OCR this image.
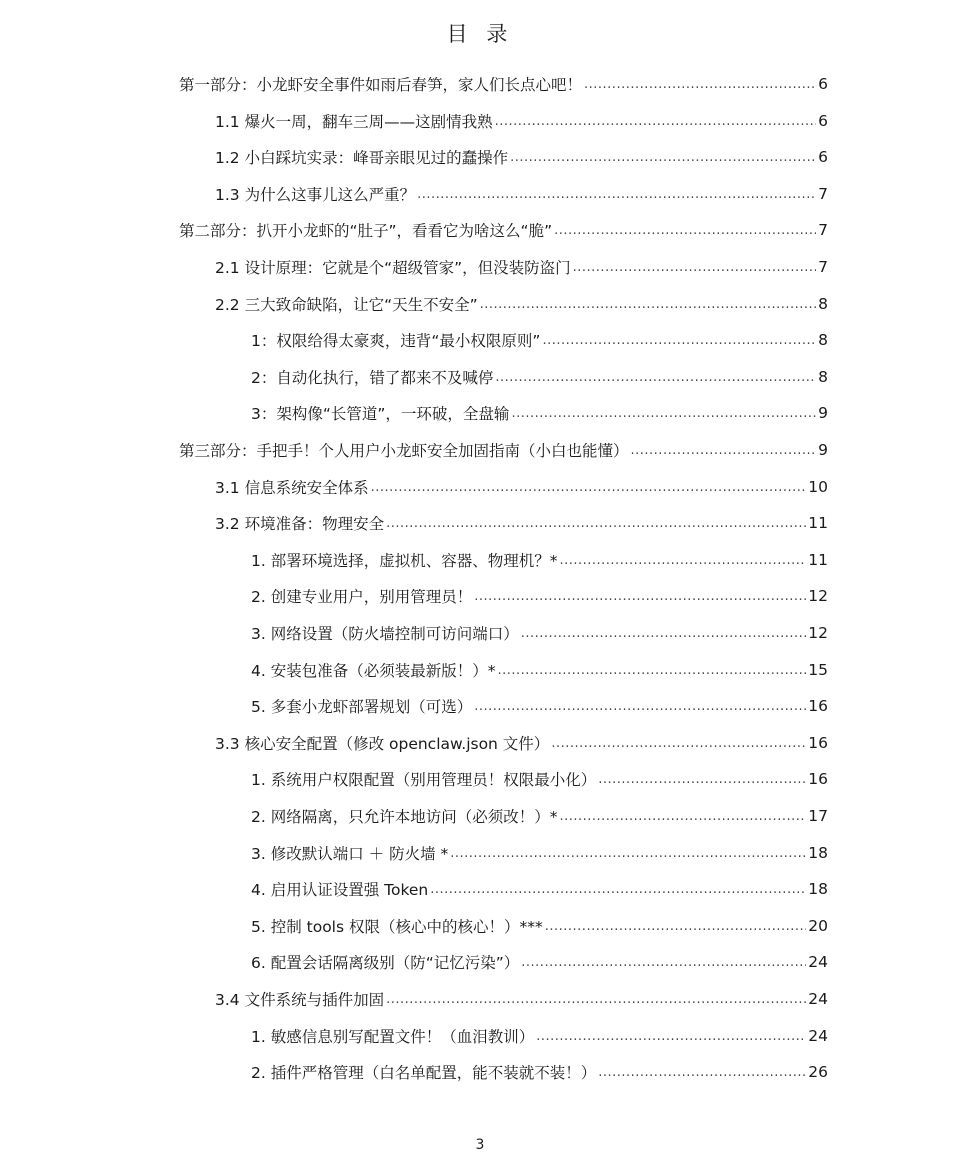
目 录
第一部分：小龙虾安全事件如雨后春笋，家人们长点心吧！ .....	6
1.1 爆火一周，翻车三周——这剧情我熟 .....	6
1.2 小白踩坑实录：峰哥亲眼见过的蠢操作 .....	6
1.3 为什么这事儿这么严重？ .....	7
第二部分：扒开小龙虾的“肚子”，看看它为啥这么“脆” .....	7
2.1 设计原理：它就是个“超级管家”，但没装防盗门 .....	7
2.2 三大致命缺陷，让它“天生不安全” .....	8
1：权限给得太豪爽，违背“最小权限原则” .....	8
2：自动化执行，错了都来不及喊停 .....	8
3：架构像“长管道”，一环破，全盘输 .....	9
第三部分：手把手！个人用户小龙虾安全加固指南（小白也能懂） .....	9
3.1 信息系统安全体系 .....	10
3.2 环境准备：物理安全 .....	11
1. 部署环境选择，虚拟机、容器、物理机？* .....	11
2. 创建专业用户，别用管理员！ .....	12
3. 网络设置（防火墙控制可访问端口） .....	12
4. 安装包准备（必须装最新版！）* .....	15
5. 多套小龙虾部署规划（可选） .....	16
3.3 核心安全配置（修改 openclaw.json 文件） .....	16
1. 系统用户权限配置（别用管理员！权限最小化） .....	16
2. 网络隔离，只允许本地访问（必须改！）* .....	17
3. 修改默认端口 ＋ 防火墙 * .....	18
4. 启用认证设置强 Token .....	18
5. 控制 tools 权限（核心中的核心！）*** .....	20
6. 配置会话隔离级别（防“记忆污染”） .....	24
3.4 文件系统与插件加固 .....	24
1. 敏感信息别写配置文件！（血泪教训） .....	24
2. 插件严格管理（白名单配置，能不装就不装！） .....	26
3
